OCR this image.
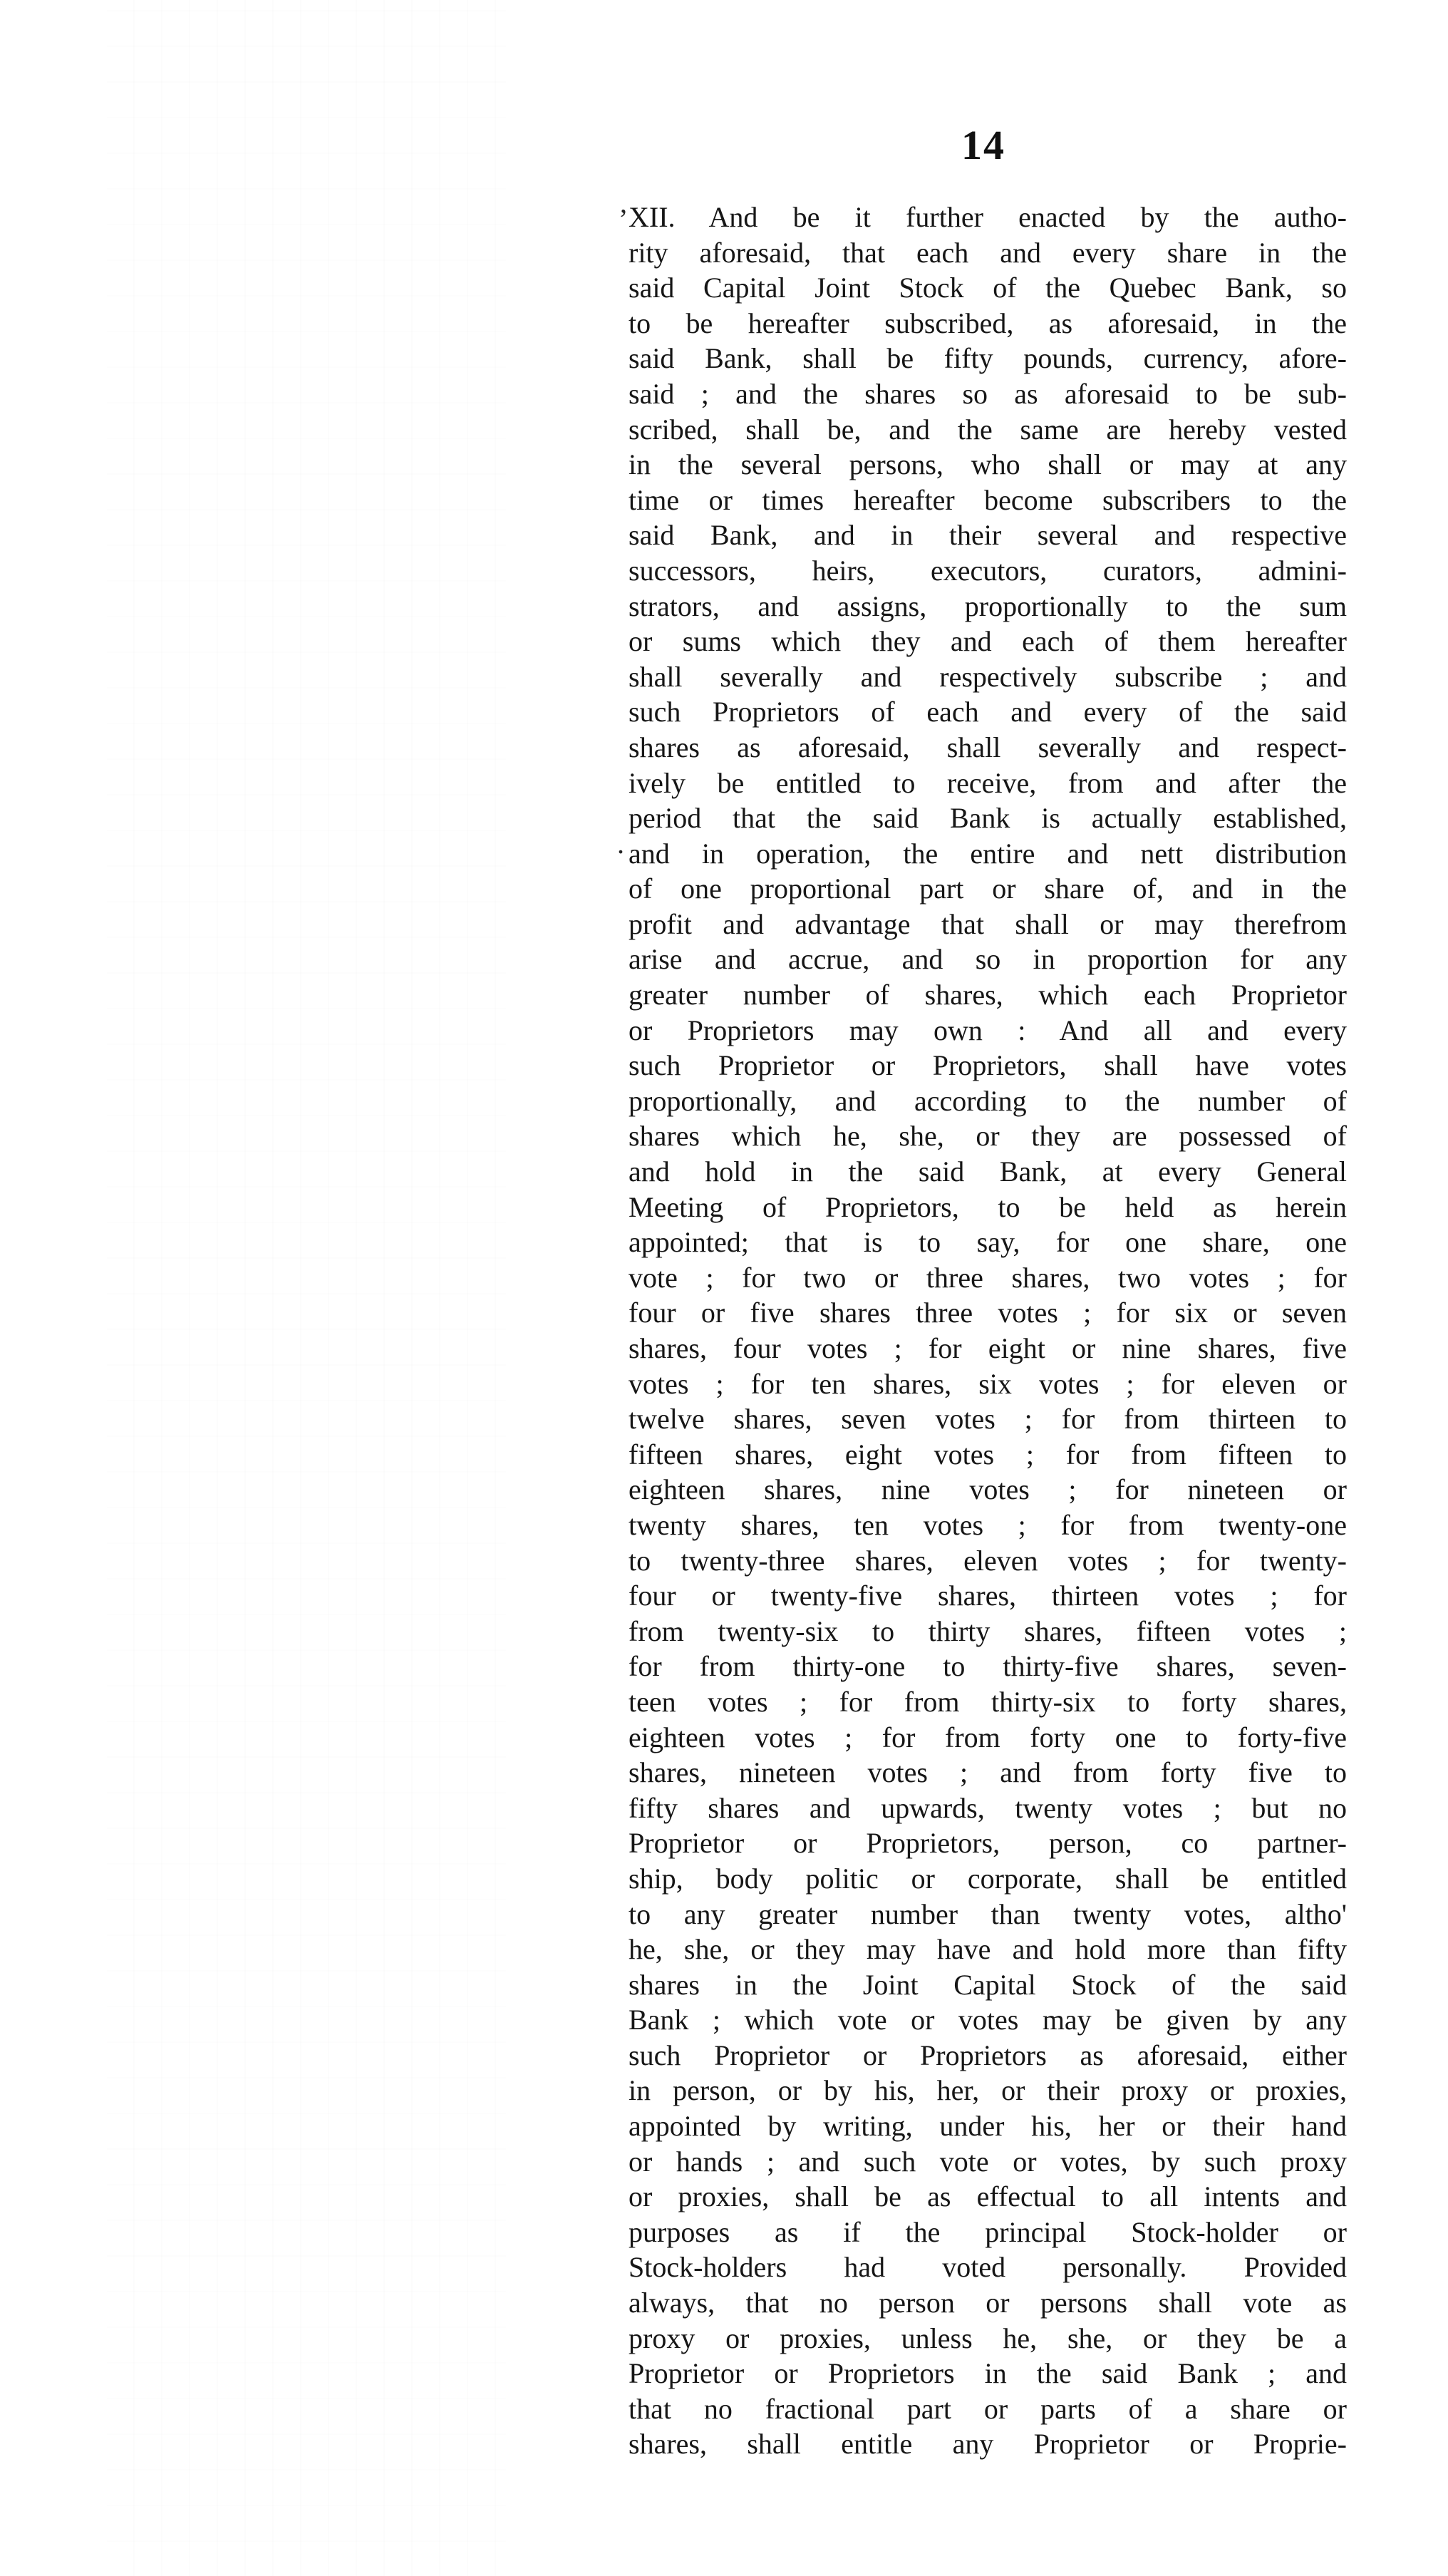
14
ʼ
.
XII. And be it further enacted by the autho-
rity aforesaid, that each and every share in the
said Capital Joint Stock of the Quebec Bank, so
to be hereafter subscribed, as aforesaid, in the
said Bank, shall be fifty pounds, currency, afore-
said ; and the shares so as aforesaid to be sub-
scribed, shall be, and the same are hereby vested
in the several persons, who shall or may at any
time or times hereafter become subscribers to the
said Bank, and in their several and respective
successors, heirs, executors, curators, admini-
strators, and assigns, proportionally to the sum
or sums which they and each of them hereafter
shall severally and respectively subscribe ; and
such Proprietors of each and every of the said
shares as aforesaid, shall severally and respect-
ively be entitled to receive, from and after the
period that the said Bank is actually established,
and in operation, the entire and nett distribution
of one proportional part or share of, and in the
profit and advantage that shall or may therefrom
arise and accrue, and so in proportion for any
greater number of shares, which each Proprietor
or Proprietors may own : And all and every
such Proprietor or Proprietors, shall have votes
proportionally, and according to the number of
shares which he, she, or they are possessed of
and hold in the said Bank, at every General
Meeting of Proprietors, to be held as herein
appointed; that is to say, for one share, one
vote ; for two or three shares, two votes ; for
four or five shares three votes ; for six or seven
shares, four votes ; for eight or nine shares, five
votes ; for ten shares, six votes ; for eleven or
twelve shares, seven votes ; for from thirteen to
fifteen shares, eight votes ; for from fifteen to
eighteen shares, nine votes ; for nineteen or
twenty shares, ten votes ; for from twenty-one
to twenty-three shares, eleven votes ; for twenty-
four or twenty-five shares, thirteen votes ; for
from twenty-six to thirty shares, fifteen votes ;
for from thirty-one to thirty-five shares, seven-
teen votes ; for from thirty-six to forty shares,
eighteen votes ; for from forty one to forty-five
shares, nineteen votes ; and from forty five to
fifty shares and upwards, twenty votes ; but no
Proprietor or Proprietors, person, co partner-
ship, body politic or corporate, shall be entitled
to any greater number than twenty votes, altho'
he, she, or they may have and hold more than fifty
shares in the Joint Capital Stock of the said
Bank ; which vote or votes may be given by any
such Proprietor or Proprietors as aforesaid, either
in person, or by his, her, or their proxy or proxies,
appointed by writing, under his, her or their hand
or hands ; and such vote or votes, by such proxy
or proxies, shall be as effectual to all intents and
purposes as if the principal Stock-holder or
Stock-holders had voted personally. Provided
always, that no person or persons shall vote as
proxy or proxies, unless he, she, or they be a
Proprietor or Proprietors in the said Bank ; and
that no fractional part or parts of a share or
shares, shall entitle any Proprietor or Proprie-
